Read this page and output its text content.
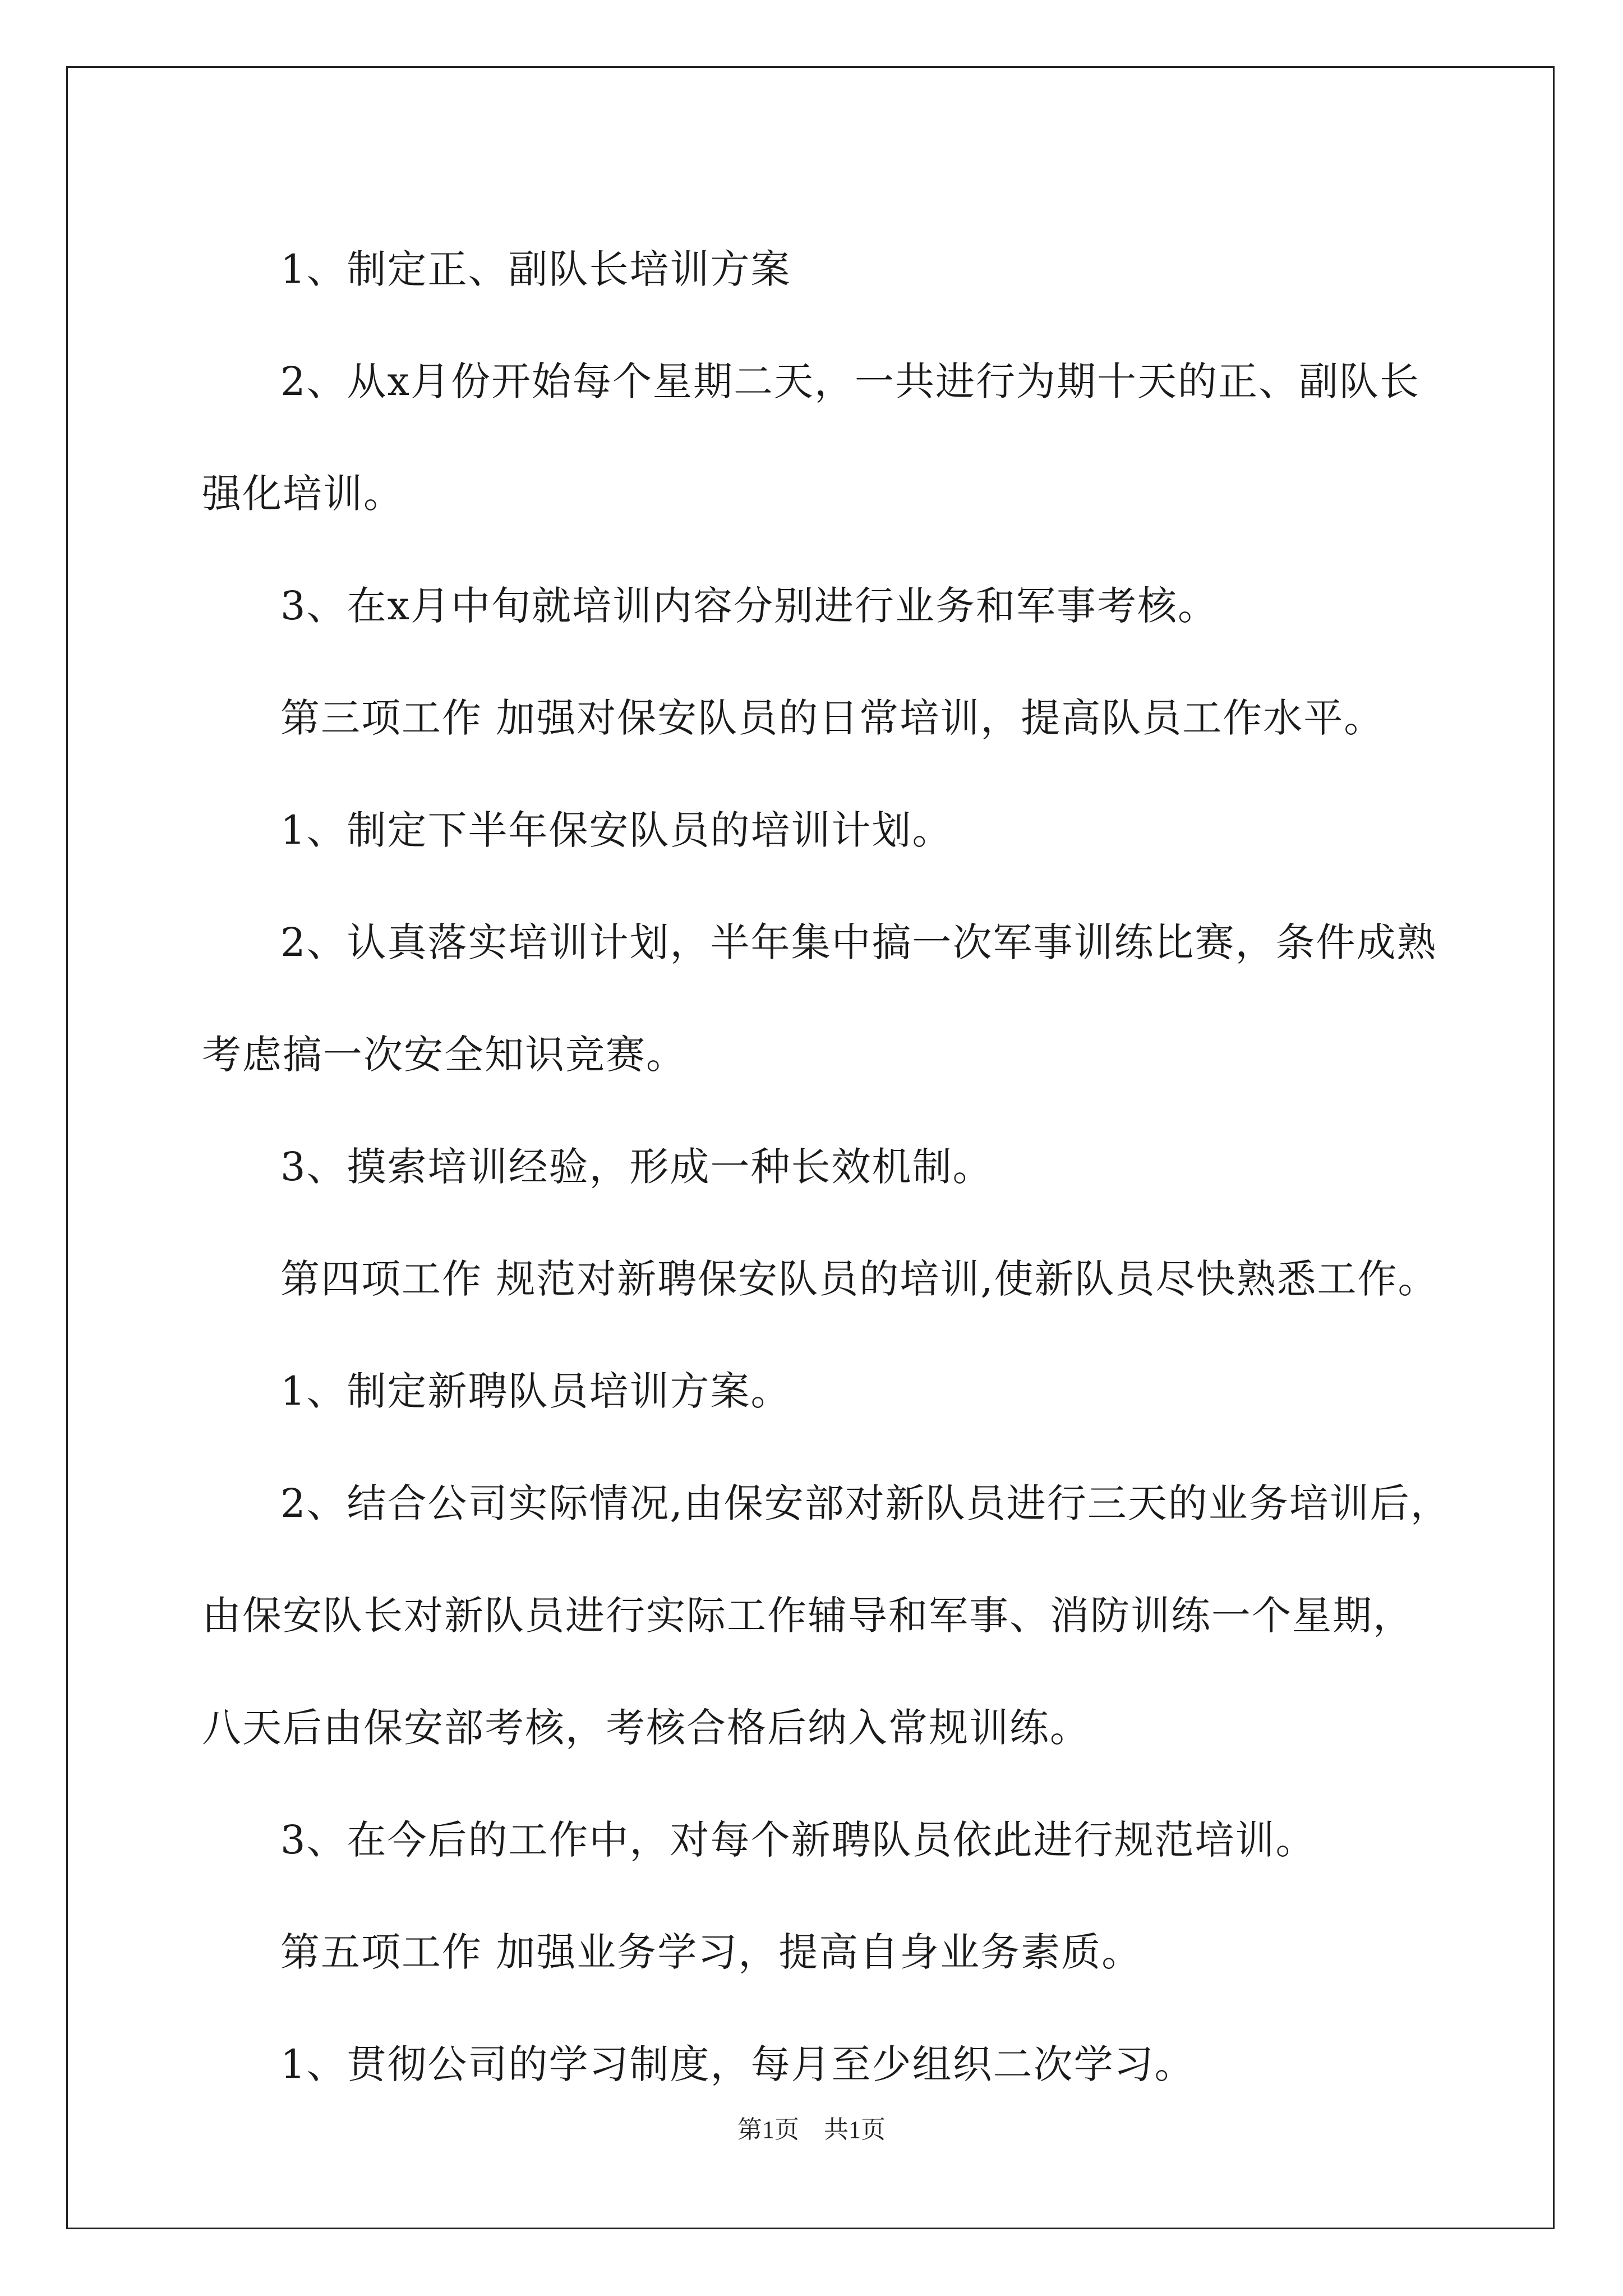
1、制定正、副队长培训方案

2、从x月份开始每个星期二天，一共进行为期十天的正、副队长强化培训。

3、在x月中旬就培训内容分别进行业务和军事考核。

第三项工作 加强对保安队员的日常培训，提高队员工作水平。

1、制定下半年保安队员的培训计划。

2、认真落实培训计划，半年集中搞一次军事训练比赛，条件成熟考虑搞一次安全知识竞赛。

3、摸索培训经验，形成一种长效机制。

第四项工作 规范对新聘保安队员的培训,使新队员尽快熟悉工作。

1、制定新聘队员培训方案。

2、结合公司实际情况,由保安部对新队员进行三天的业务培训后，由保安队长对新队员进行实际工作辅导和军事、消防训练一个星期，八天后由保安部考核，考核合格后纳入常规训练。

3、在今后的工作中，对每个新聘队员依此进行规范培训。

第五项工作 加强业务学习，提高自身业务素质。

1、贯彻公司的学习制度，每月至少组织二次学习。

第1页　共1页
